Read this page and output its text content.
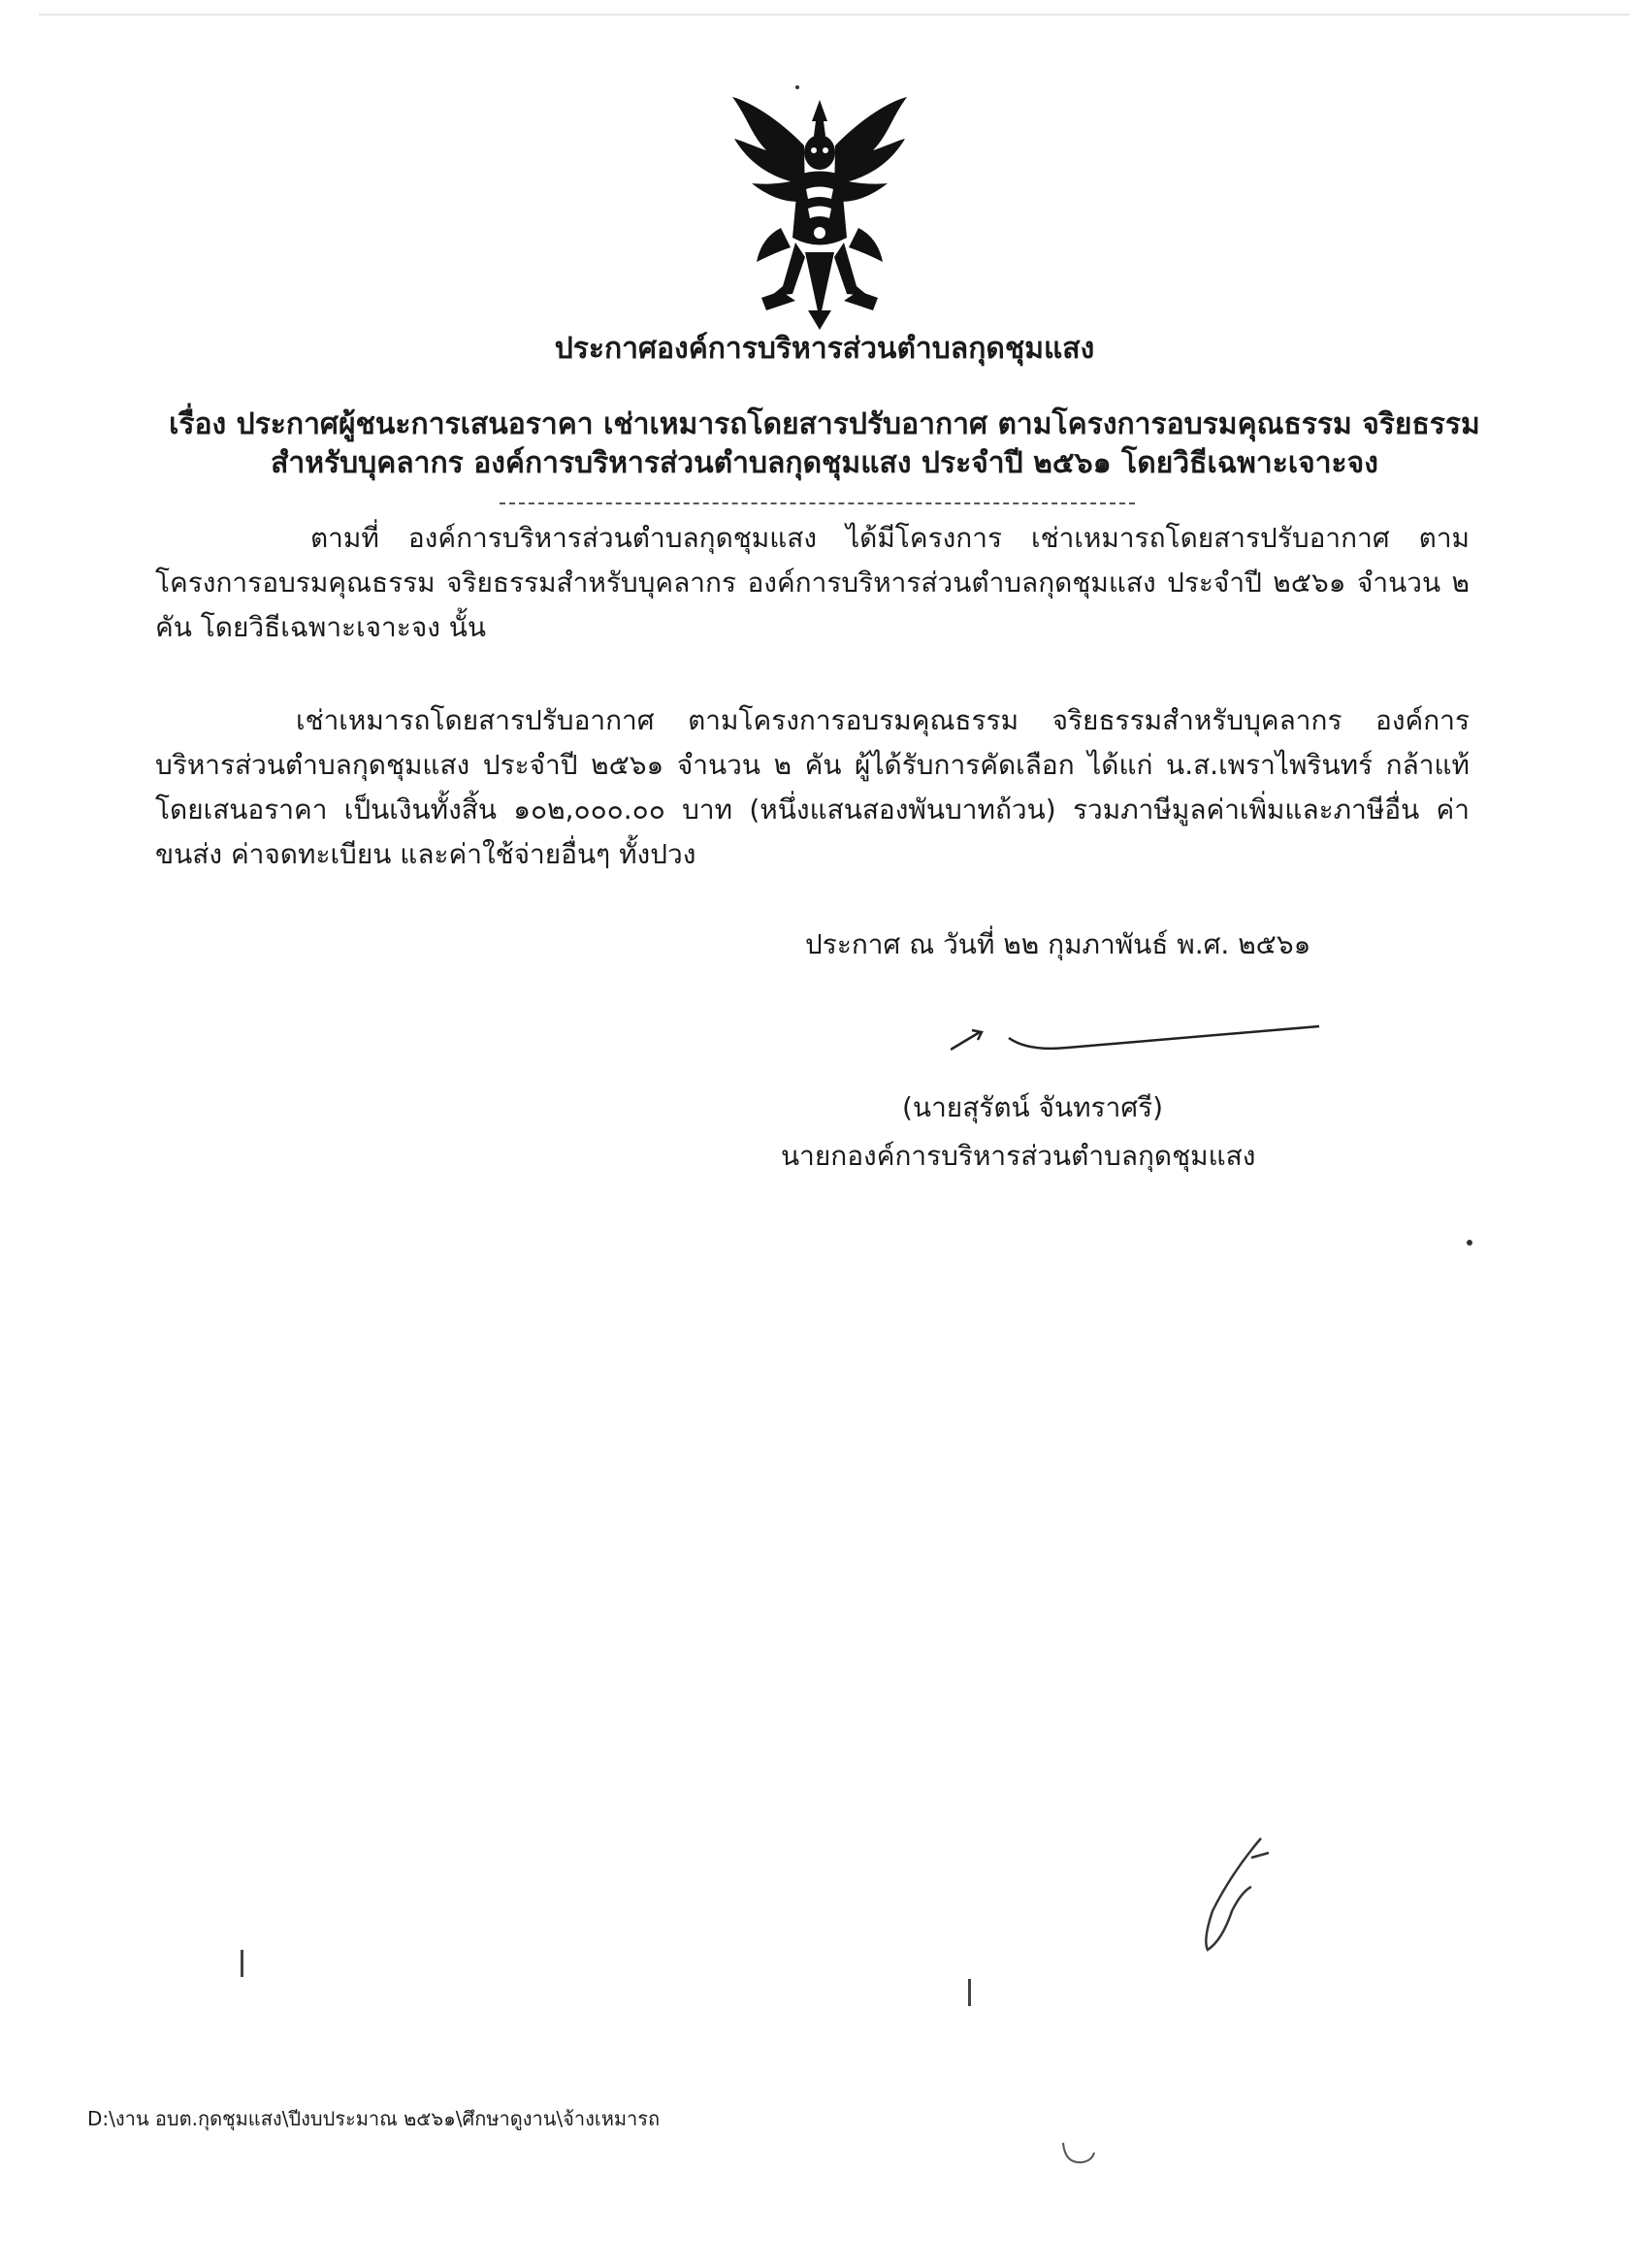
ประกาศองค์การบริหารส่วนตำบลกุดชุมแสง
เรื่อง ประกาศผู้ชนะการเสนอราคา เช่าเหมารถโดยสารปรับอากาศ ตามโครงการอบรมคุณธรรม จริยธรรม
สำหรับบุคลากร องค์การบริหารส่วนตำบลกุดชุมแสง ประจำปี ๒๕๖๑ โดยวิธีเฉพาะเจาะจง
ตามที่ องค์การบริหารส่วนตำบลกุดชุมแสง ได้มีโครงการ เช่าเหมารถโดยสารปรับอากาศ ตามโครงการอบรมคุณธรรม จริยธรรมสำหรับบุคลากร องค์การบริหารส่วนตำบลกุดชุมแสง ประจำปี ๒๕๖๑ จำนวน ๒ คัน โดยวิธีเฉพาะเจาะจง นั้น
เช่าเหมารถโดยสารปรับอากาศ ตามโครงการอบรมคุณธรรม จริยธรรมสำหรับบุคลากร องค์การบริหารส่วนตำบลกุดชุมแสง ประจำปี ๒๕๖๑ จำนวน ๒ คัน ผู้ได้รับการคัดเลือก ได้แก่ น.ส.เพราไพรินทร์ กล้าแท้ โดยเสนอราคา เป็นเงินทั้งสิ้น ๑๐๒,๐๐๐.๐๐ บาท (หนึ่งแสนสองพันบาทถ้วน) รวมภาษีมูลค่าเพิ่มและภาษีอื่น ค่าขนส่ง ค่าจดทะเบียน และค่าใช้จ่ายอื่นๆ ทั้งปวง
ประกาศ ณ วันที่ ๒๒ กุมภาพันธ์ พ.ศ. ๒๕๖๑
(นายสุรัตน์ จันทราศรี)
นายกองค์การบริหารส่วนตำบลกุดชุมแสง
D:\งาน อบต.กุดชุมแสง\ปีงบประมาณ ๒๕๖๑\ศึกษาดูงาน\จ้างเหมารถ
